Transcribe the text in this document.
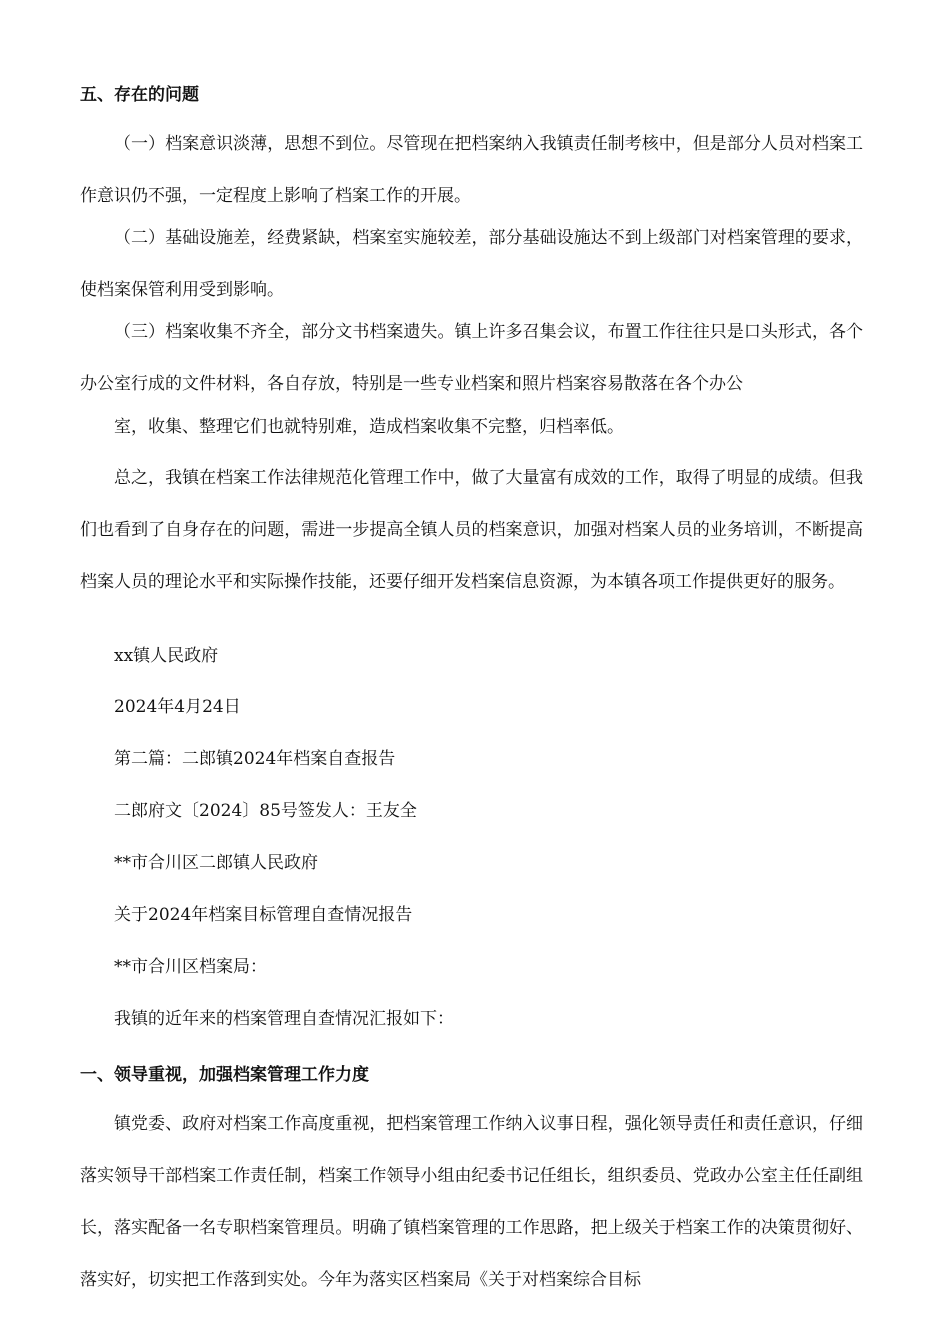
五、存在的问题

（一）档案意识淡薄，思想不到位。尽管现在把档案纳入我镇责任制考核中，但是部分人员对档案工作意识仍不强，一定程度上影响了档案工作的开展。

（二）基础设施差，经费紧缺，档案室实施较差，部分基础设施达不到上级部门对档案管理的要求，使档案保管利用受到影响。

（三）档案收集不齐全，部分文书档案遗失。镇上许多召集会议，布置工作往往只是口头形式，各个办公室行成的文件材料，各自存放，特别是一些专业档案和照片档案容易散落在各个办公

室，收集、整理它们也就特别难，造成档案收集不完整，归档率低。

总之，我镇在档案工作法律规范化管理工作中，做了大量富有成效的工作，取得了明显的成绩。但我们也看到了自身存在的问题，需进一步提高全镇人员的档案意识，加强对档案人员的业务培训，不断提高档案人员的理论水平和实际操作技能，还要仔细开发档案信息资源，为本镇各项工作提供更好的服务。

xx镇人民政府
2024年4月24日
第二篇：二郎镇2024年档案自查报告
二郎府文〔2024〕85号签发人：王友全
**市合川区二郎镇人民政府
关于2024年档案目标管理自查情况报告
**市合川区档案局：
我镇的近年来的档案管理自查情况汇报如下：
一、领导重视，加强档案管理工作力度

镇党委、政府对档案工作高度重视，把档案管理工作纳入议事日程，强化领导责任和责任意识，仔细落实领导干部档案工作责任制，档案工作领导小组由纪委书记任组长，组织委员、党政办公室主任任副组长，落实配备一名专职档案管理员。明确了镇档案管理的工作思路，把上级关于档案工作的决策贯彻好、落实好，切实把工作落到实处。今年为落实区档案局《关于对档案综合目标
